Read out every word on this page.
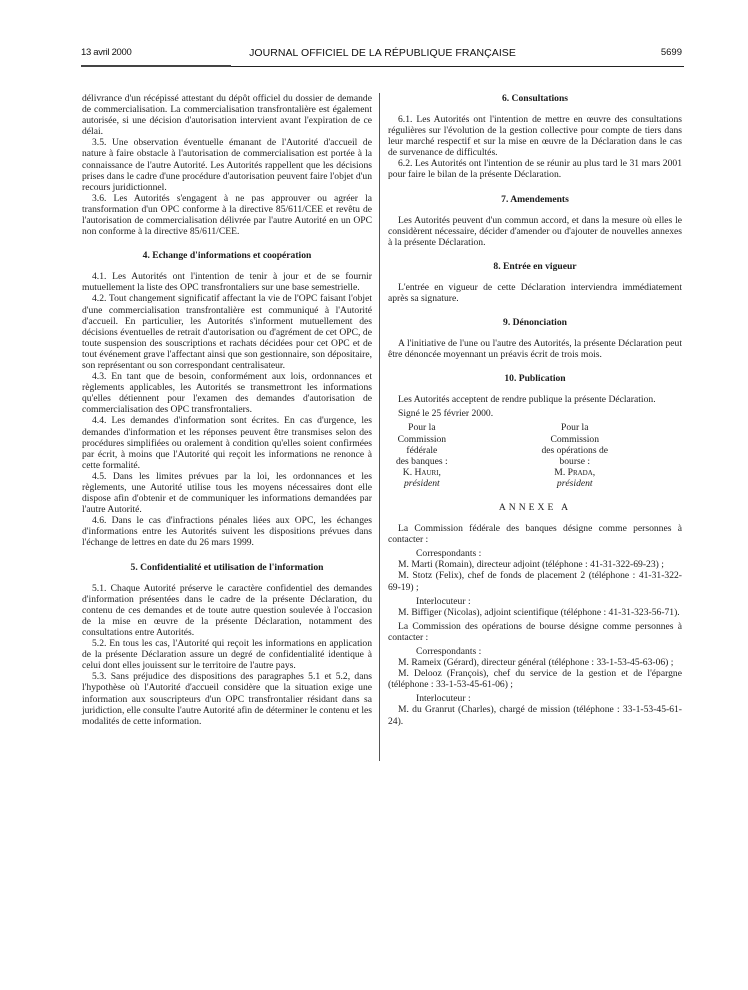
13 avril 2000	JOURNAL OFFICIEL DE LA RÉPUBLIQUE FRANÇAISE	5699

délivrance d'un récépissé attestant du dépôt officiel du dossier de demande de commercialisation. La commercialisation transfrontalière est également autorisée, si une décision d'autorisation intervient avant l'expiration de ce délai.

3.5. Une observation éventuelle émanant de l'Autorité d'accueil de nature à faire obstacle à l'autorisation de commercialisation est portée à la connaissance de l'autre Autorité. Les Autorités rappellent que les décisions prises dans le cadre d'une procédure d'autorisation peuvent faire l'objet d'un recours juridictionnel.

3.6. Les Autorités s'engagent à ne pas approuver ou agréer la transformation d'un OPC conforme à la directive 85/611/CEE et revêtu de l'autorisation de commercialisation délivrée par l'autre Autorité en un OPC non conforme à la directive 85/611/CEE.

4. Echange d'informations et coopération

4.1. Les Autorités ont l'intention de tenir à jour et de se fournir mutuellement la liste des OPC transfrontaliers sur une base semestrielle.

4.2. Tout changement significatif affectant la vie de l'OPC faisant l'objet d'une commercialisation transfrontalière est communiqué à l'Autorité d'accueil. En particulier, les Autorités s'informent mutuellement des décisions éventuelles de retrait d'autorisation ou d'agrément de cet OPC, de toute suspension des souscriptions et rachats décidées pour cet OPC et de tout événement grave l'affectant ainsi que son gestionnaire, son dépositaire, son représentant ou son correspondant centralisateur.

4.3. En tant que de besoin, conformément aux lois, ordonnances et règlements applicables, les Autorités se transmettront les informations qu'elles détiennent pour l'examen des demandes d'autorisation de commercialisation des OPC transfrontaliers.

4.4. Les demandes d'information sont écrites. En cas d'urgence, les demandes d'information et les réponses peuvent être transmises selon des procédures simplifiées ou oralement à condition qu'elles soient confirmées par écrit, à moins que l'Autorité qui reçoit les informations ne renonce à cette formalité.

4.5. Dans les limites prévues par la loi, les ordonnances et les règlements, une Autorité utilise tous les moyens nécessaires dont elle dispose afin d'obtenir et de communiquer les informations demandées par l'autre Autorité.

4.6. Dans le cas d'infractions pénales liées aux OPC, les échanges d'informations entre les Autorités suivent les dispositions prévues dans l'échange de lettres en date du 26 mars 1999.

5. Confidentialité et utilisation de l'information

5.1. Chaque Autorité préserve le caractère confidentiel des demandes d'information présentées dans le cadre de la présente Déclaration, du contenu de ces demandes et de toute autre question soulevée à l'occasion de la mise en œuvre de la présente Déclaration, notamment des consultations entre Autorités.

5.2. En tous les cas, l'Autorité qui reçoit les informations en application de la présente Déclaration assure un degré de confidentialité identique à celui dont elles jouissent sur le territoire de l'autre pays.

5.3. Sans préjudice des dispositions des paragraphes 5.1 et 5.2, dans l'hypothèse où l'Autorité d'accueil considère que la situation exige une information aux souscripteurs d'un OPC transfrontalier résidant dans sa juridiction, elle consulte l'autre Autorité afin de déterminer le contenu et les modalités de cette information.

6. Consultations

6.1. Les Autorités ont l'intention de mettre en œuvre des consultations régulières sur l'évolution de la gestion collective pour compte de tiers dans leur marché respectif et sur la mise en œuvre de la Déclaration dans le cas de survenance de difficultés.

6.2. Les Autorités ont l'intention de se réunir au plus tard le 31 mars 2001 pour faire le bilan de la présente Déclaration.

7. Amendements

Les Autorités peuvent d'un commun accord, et dans la mesure où elles le considèrent nécessaire, décider d'amender ou d'ajouter de nouvelles annexes à la présente Déclaration.

8. Entrée en vigueur

L'entrée en vigueur de cette Déclaration interviendra immédiatement après sa signature.

9. Dénonciation

A l'initiative de l'une ou l'autre des Autorités, la présente Déclaration peut être dénoncée moyennant un préavis écrit de trois mois.

10. Publication

Les Autorités acceptent de rendre publique la présente Déclaration.

Signé le 25 février 2000.

Pour la Commission fédérale
des banques :
K. Hauri,
président
Pour la Commission
des opérations de bourse :
M. Prada,
président
ANNEXE A

La Commission fédérale des banques désigne comme personnes à contacter :

Correspondants :

M. Marti (Romain), directeur adjoint (téléphone : 41-31-322-69-23) ;

M. Stotz (Felix), chef de fonds de placement 2 (téléphone : 41-31-322-69-19) ;

Interlocuteur :

M. Biffiger (Nicolas), adjoint scientifique (téléphone : 41-31-323-56-71).

La Commission des opérations de bourse désigne comme personnes à contacter :

Correspondants :

M. Rameix (Gérard), directeur général (téléphone : 33-1-53-45-63-06) ;

M. Delooz (François), chef du service de la gestion et de l'épargne (téléphone : 33-1-53-45-61-06) ;

Interlocuteur :

M. du Granrut (Charles), chargé de mission (téléphone : 33-1-53-45-61-24).
